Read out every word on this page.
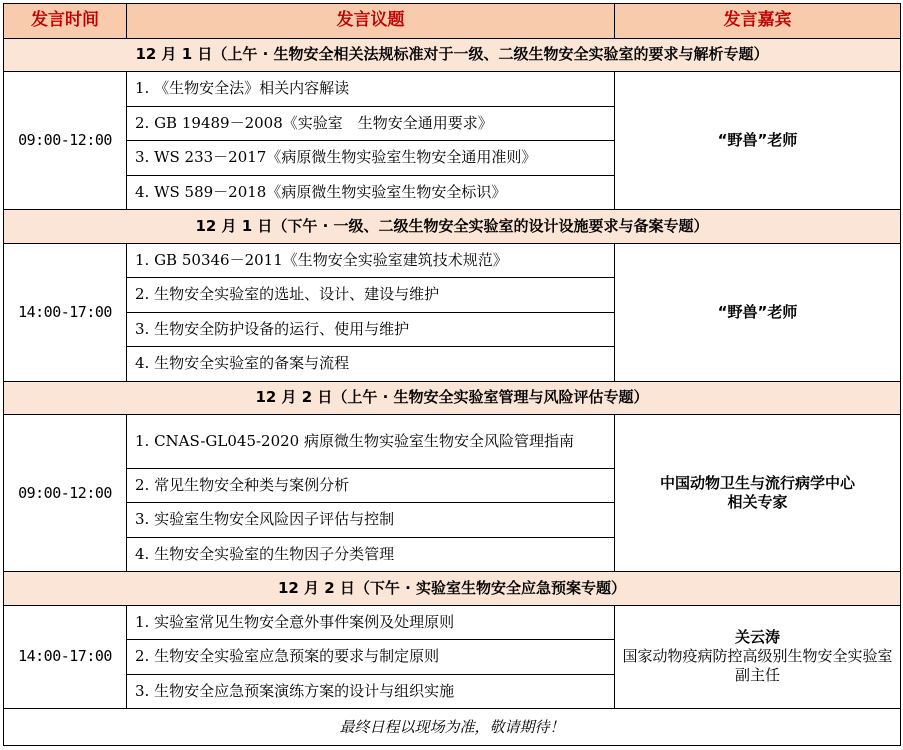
发言时间	发言议题	发言嘉宾
12 月 1 日（上午 · 生物安全相关法规标准对于一级、二级生物安全实验室的要求与解析专题）		
09:00-12:00	1. 《生物安全法》相关内容解读	“野兽”老师

	2. GB 19489－2008《实验室　生物安全通用要求》	
	3. WS 233－2017《病原微生物实验室生物安全通用准则》	
	4. WS 589－2018《病原微生物实验室生物安全标识》	
12 月 1 日（下午 · 一级、二级生物安全实验室的设计设施要求与备案专题）		
14:00-17:00	1. GB 50346－2011《生物安全实验室建筑技术规范》	“野兽”老师

	2. 生物安全实验室的选址、设计、建设与维护	
	3. 生物安全防护设备的运行、使用与维护	
	4. 生物安全实验室的备案与流程	
12 月 2 日（上午 · 生物安全实验室管理与风险评估专题）		
09:00-12:00	1. CNAS-GL045-2020 病原微生物实验室生物安全风险管理指南	中国动物卫生与流行病学中心
相关专家

	2. 常见生物安全种类与案例分析	
	3. 实验室生物安全风险因子评估与控制	
	4. 生物安全实验室的生物因子分类管理	
12 月 2 日（下午 · 实验室生物安全应急预案专题）		
14:00-17:00	1. 实验室常见生物安全意外事件案例及处理原则	关云涛
国家动物疫病防控高级别生物安全实验室副主任

	2. 生物安全实验室应急预案的要求与制定原则	
	3. 生物安全应急预案演练方案的设计与组织实施	
最终日程以现场为准，敬请期待！		
